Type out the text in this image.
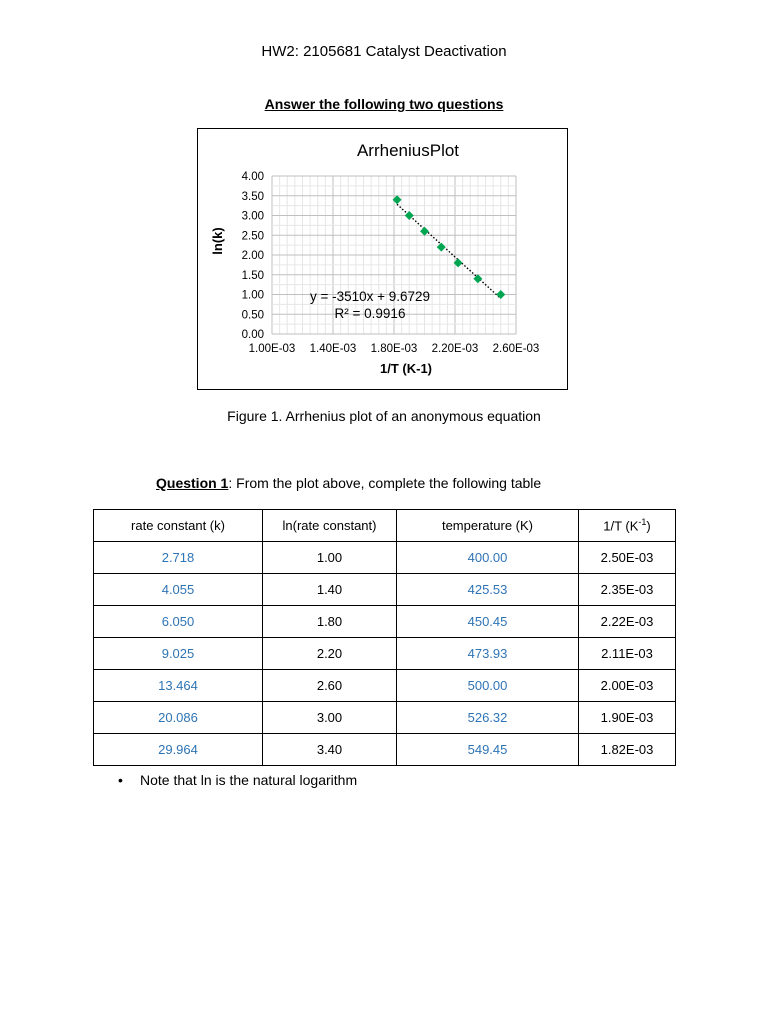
HW2: 2105681 Catalyst Deactivation
Answer the following two questions
ArrheniusPlot
0.00
0.50
1.00
1.50
2.00
2.50
3.00
3.50
4.00
1.00E-03 1.40E-03 1.80E-03 2.20E-03 2.60E-03
1/T (K-1)
ln(k)
y = -3510x + 9.6729
R² = 0.9916
Figure 1. Arrhenius plot of an anonymous equation
Question 1: From the plot above, complete the following table
rate constant (k)	ln(rate constant)	temperature (K)	1/T $(K^{-1})$
2.718	1.00	400.00	2.50E-03
4.055	1.40	425.53	2.35E-03
6.050	1.80	450.45	2.22E-03
9.025	2.20	473.93	2.11E-03
13.464	2.60	500.00	2.00E-03
20.086	3.00	526.32	1.90E-03
29.964	3.40	549.45	1.82E-03
• Note that ln is the natural logarithm
